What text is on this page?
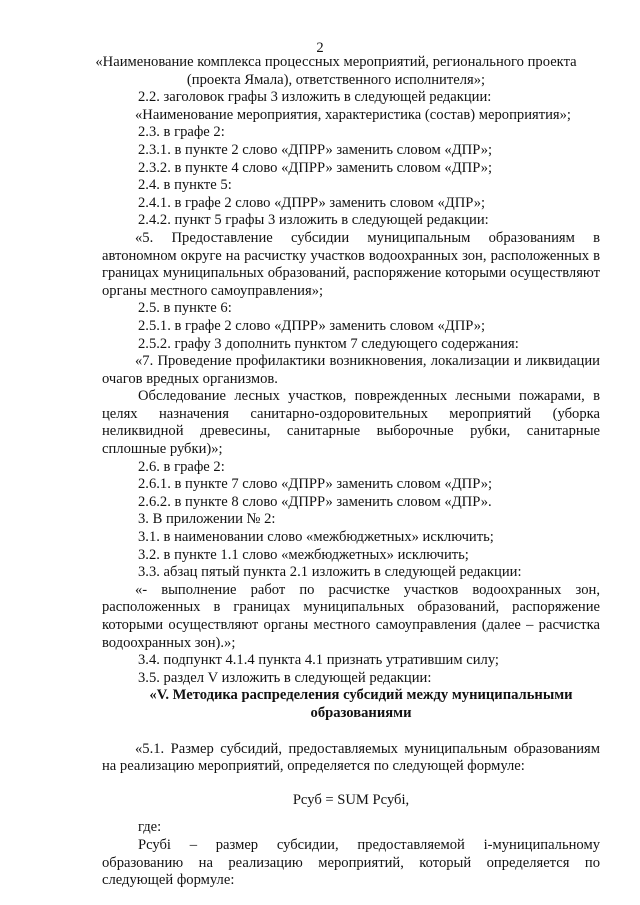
2

«Наименование комплекса процессных мероприятий, регионального проекта (проекта Ямала), ответственного исполнителя»;

2.2. заголовок графы 3 изложить в следующей редакции:

«Наименование мероприятия, характеристика (состав) мероприятия»;

2.3. в графе 2:

2.3.1. в пункте 2 слово «ДПРР» заменить словом «ДПР»;

2.3.2. в пункте 4 слово «ДПРР» заменить словом «ДПР»;

2.4. в пункте 5:

2.4.1. в графе 2 слово «ДПРР» заменить словом «ДПР»;

2.4.2. пункт 5 графы 3 изложить в следующей редакции:

«5. Предоставление субсидии муниципальным образованиям в автономном округе на расчистку участков водоохранных зон, расположенных в границах муниципальных образований, распоряжение которыми осуществляют органы местного самоуправления»;

2.5. в пункте 6:

2.5.1. в графе 2 слово «ДПРР» заменить словом «ДПР»;

2.5.2. графу 3 дополнить пунктом 7 следующего содержания:

«7. Проведение профилактики возникновения, локализации и ликвидации очагов вредных организмов.

Обследование лесных участков, поврежденных лесными пожарами, в целях назначения санитарно-оздоровительных мероприятий (уборка неликвидной древесины, санитарные выборочные рубки, санитарные сплошные рубки)»;

2.6. в графе 2:

2.6.1. в пункте 7 слово «ДПРР» заменить словом «ДПР»;

2.6.2. в пункте 8 слово «ДПРР» заменить словом «ДПР».

3. В приложении № 2:

3.1. в наименовании слово «межбюджетных» исключить;

3.2. в пункте 1.1 слово «межбюджетных» исключить;

3.3. абзац пятый пункта 2.1 изложить в следующей редакции:

«- выполнение работ по расчистке участков водоохранных зон, расположенных в границах муниципальных образований, распоряжение которыми осуществляют органы местного самоуправления (далее – расчистка водоохранных зон).»;

3.4. подпункт 4.1.4 пункта 4.1 признать утратившим силу;

3.5. раздел V изложить в следующей редакции:

«V. Методика распределения субсидий между муниципальными образованиями

«5.1. Размер субсидий, предоставляемых муниципальным образованиям на реализацию мероприятий, определяется по следующей формуле:

Рсуб = SUM Рсубі,

где:

Рсубі – размер субсидии, предоставляемой і-муниципальному образованию на реализацию мероприятий, который определяется по следующей формуле:
